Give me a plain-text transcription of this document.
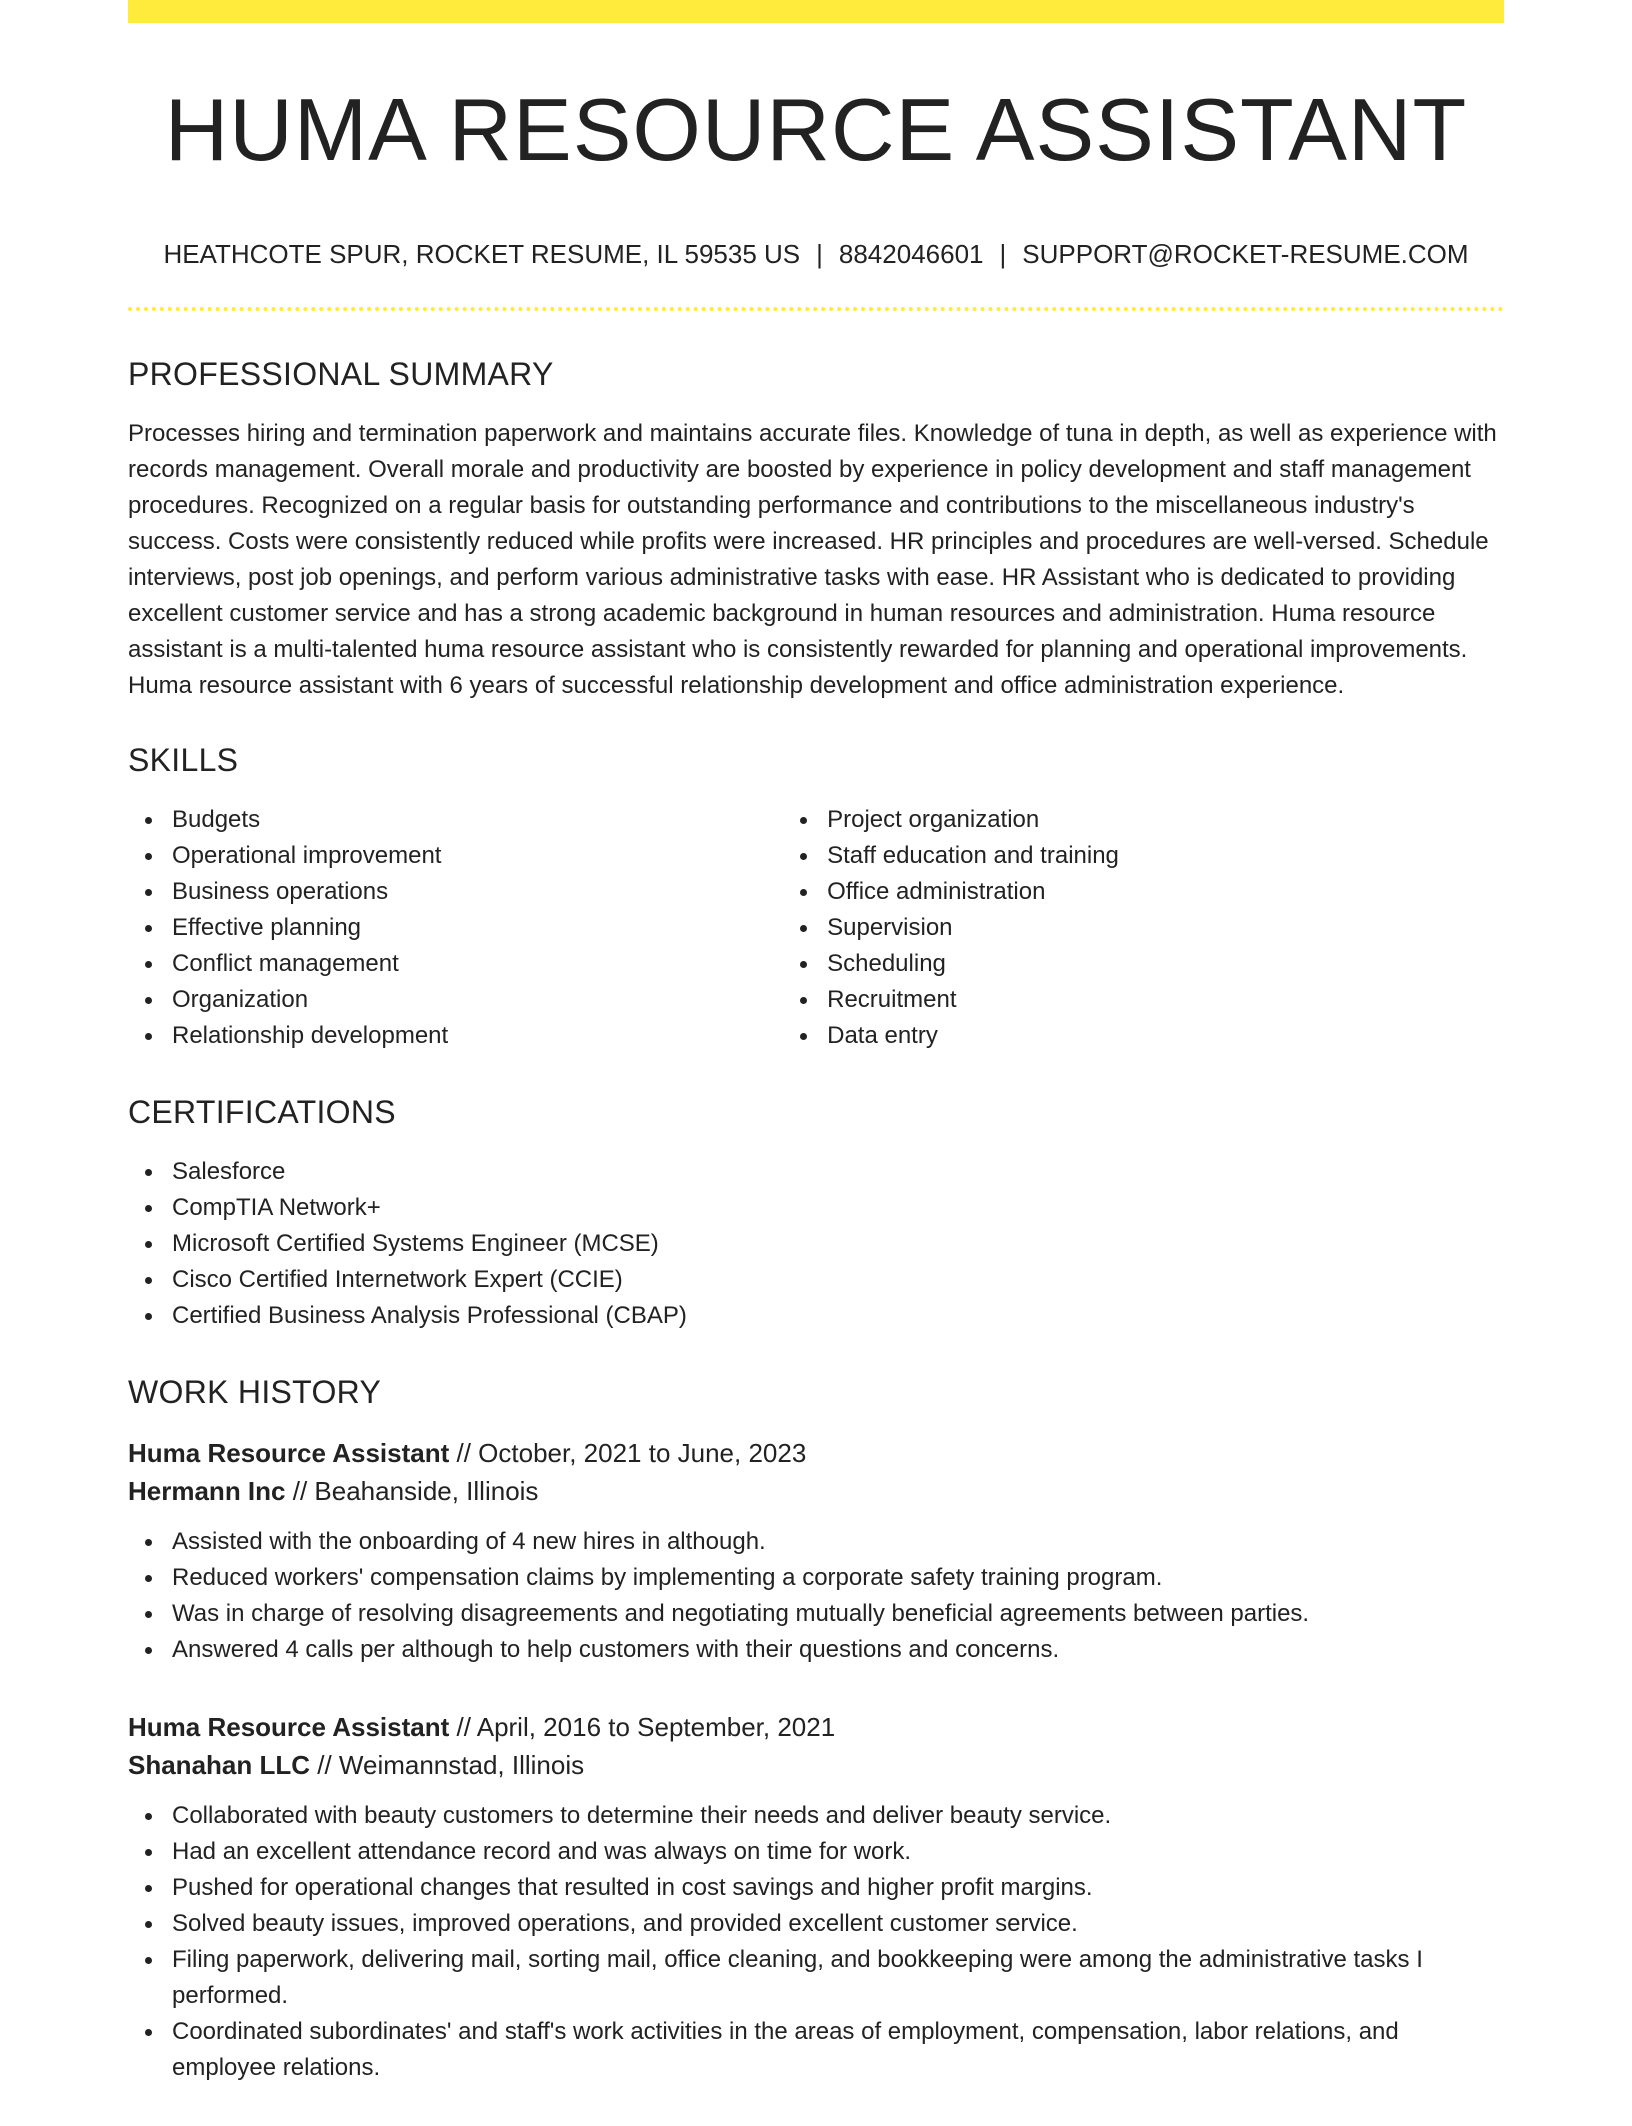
HUMA RESOURCE ASSISTANT
HEATHCOTE SPUR, ROCKET RESUME, IL 59535 US | 8842046601 | SUPPORT@ROCKET-RESUME.COM
PROFESSIONAL SUMMARY

Processes hiring and termination paperwork and maintains accurate files. Knowledge of tuna in depth, as well as experience with records management. Overall morale and productivity are boosted by experience in policy development and staff management procedures. Recognized on a regular basis for outstanding performance and contributions to the miscellaneous industry's success. Costs were consistently reduced while profits were increased. HR principles and procedures are well-versed. Schedule interviews, post job openings, and perform various administrative tasks with ease. HR Assistant who is dedicated to providing excellent customer service and has a strong academic background in human resources and administration. Huma resource assistant is a multi-talented huma resource assistant who is consistently rewarded for planning and operational improvements. Huma resource assistant with 6 years of successful relationship development and office administration experience.

SKILLS
Budgets
Operational improvement
Business operations
Effective planning
Conflict management
Organization
Relationship development
Project organization
Staff education and training
Office administration
Supervision
Scheduling
Recruitment
Data entry
CERTIFICATIONS
Salesforce
CompTIA Network+
Microsoft Certified Systems Engineer (MCSE)
Cisco Certified Internetwork Expert (CCIE)
Certified Business Analysis Professional (CBAP)
WORK HISTORY

Huma Resource Assistant // October, 2021 to June, 2023

Hermann Inc // Beahanside, Illinois

Assisted with the onboarding of 4 new hires in although.
Reduced workers' compensation claims by implementing a corporate safety training program.
Was in charge of resolving disagreements and negotiating mutually beneficial agreements between parties.
Answered 4 calls per although to help customers with their questions and concerns.

Huma Resource Assistant // April, 2016 to September, 2021

Shanahan LLC // Weimannstad, Illinois

Collaborated with beauty customers to determine their needs and deliver beauty service.
Had an excellent attendance record and was always on time for work.
Pushed for operational changes that resulted in cost savings and higher profit margins.
Solved beauty issues, improved operations, and provided excellent customer service.
Filing paperwork, delivering mail, sorting mail, office cleaning, and bookkeeping were among the administrative tasks I performed.
Coordinated subordinates' and staff's work activities in the areas of employment, compensation, labor relations, and employee relations.
